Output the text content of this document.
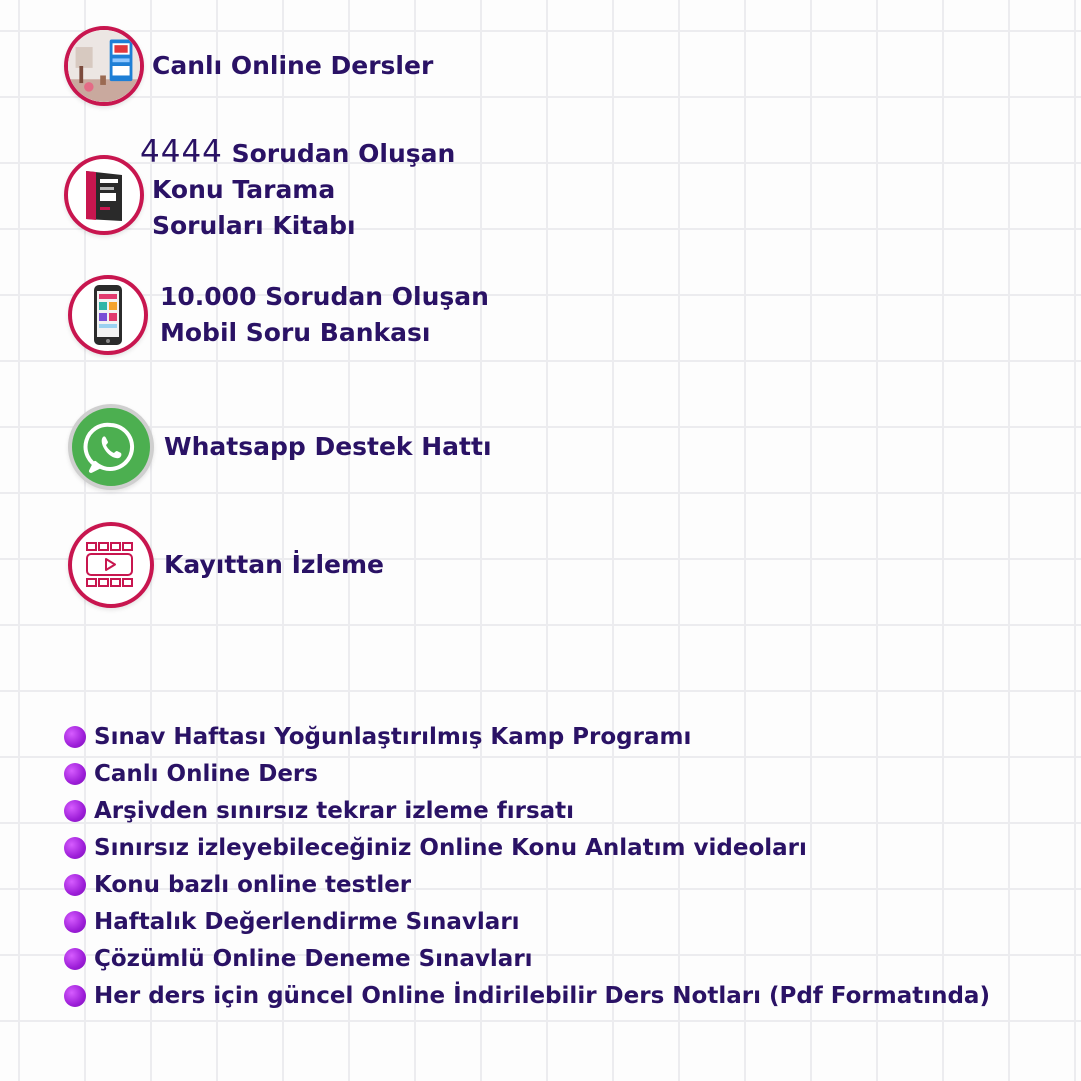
Canlı Online Dersler
4444 Sorudan Oluşan
Konu Tarama
Soruları Kitabı
10.000 Sorudan Oluşan
Mobil Soru Bankası
Whatsapp Destek Hattı
Kayıttan İzleme
Sınav Haftası Yoğunlaştırılmış Kamp Programı
Canlı Online Ders
Arşivden sınırsız tekrar izleme fırsatı
Sınırsız izleyebileceğiniz Online Konu Anlatım videoları
Konu bazlı online testler
Haftalık Değerlendirme Sınavları
Çözümlü Online Deneme Sınavları
Her ders için güncel Online İndirilebilir Ders Notları (Pdf Formatında)
